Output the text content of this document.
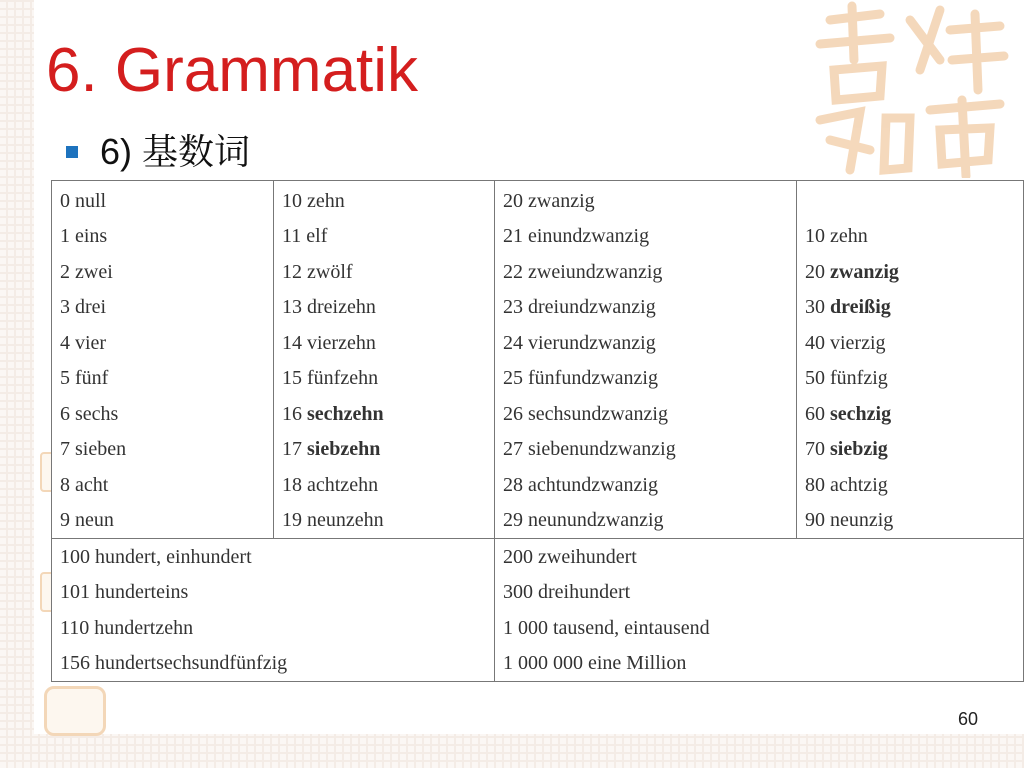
6. Grammatik
6) 基数词
0 null
1 eins
2 zwei
3 drei
4 vier
5 fünf
6 sechs
7 sieben
8 acht
9 neun
10 zehn
11 elf
12 zwölf
13 dreizehn
14 vierzehn
15 fünfzehn
16 sechzehn
17 siebzehn
18 achtzehn
19 neunzehn
20 zwanzig
21 einundzwanzig
22 zweiundzwanzig
23 dreiundzwanzig
24 vierundzwanzig
25 fünfundzwanzig
26 sechsundzwanzig
27 siebenundzwanzig
28 achtundzwanzig
29 neunundzwanzig
10 zehn
20 zwanzig
30 dreißig
40 vierzig
50 fünfzig
60 sechzig
70 siebzig
80 achtzig
90 neunzig
100 hundert, einhundert
101 hunderteins
110 hundertzehn
156 hundertsechsundfünfzig
200 zweihundert
300 dreihundert
1 000 tausend, eintausend
1 000 000 eine Million
60
